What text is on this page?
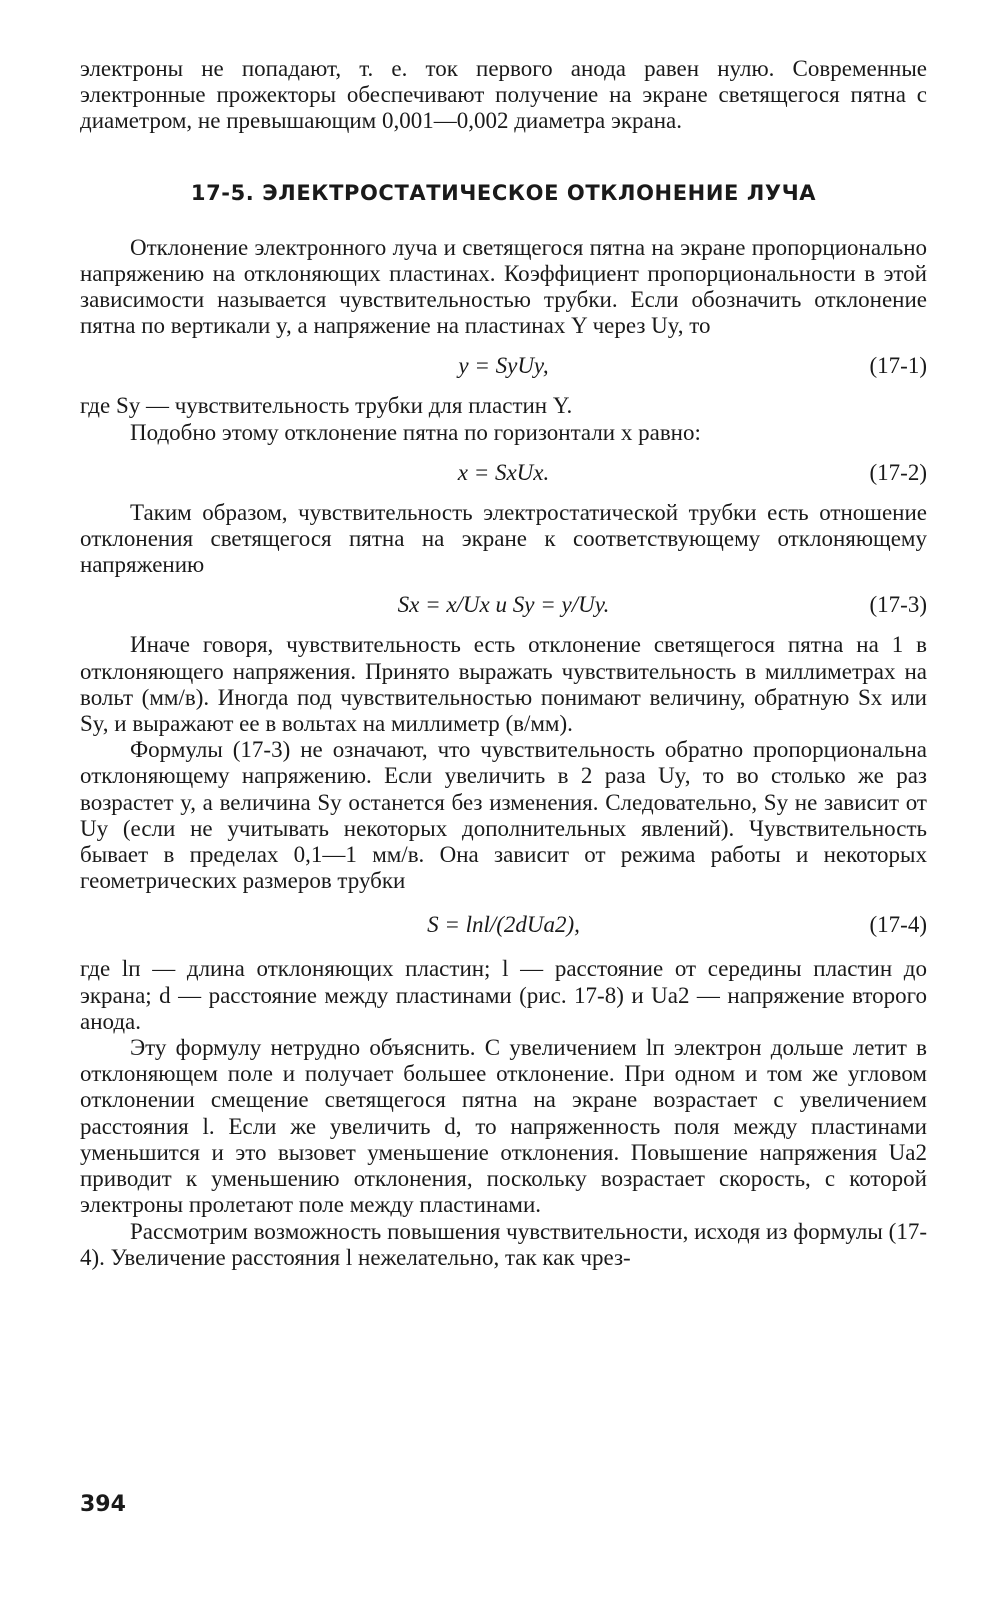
электроны не попадают, т. е. ток первого анода равен нулю. Современные электронные прожекторы обеспечивают получение на экране светящегося пятна с диаметром, не превышающим 0,001—0,002 диаметра экрана.

17-5. ЭЛЕКТРОСТАТИЧЕСКОЕ ОТКЛОНЕНИЕ ЛУЧА

Отклонение электронного луча и светящегося пятна на экране пропорционально напряжению на отклоняющих пластинах. Коэффициент пропорциональности в этой зависимости называется чувствительностью трубки. Если обозначить отклонение пятна по вертикали y, а напряжение на пластинах Y через Uy, то

y = SyUy,	(17-1)

где Sy — чувствительность трубки для пластин Y.

Подобно этому отклонение пятна по горизонтали x равно:

x = SxUx.	(17-2)

Таким образом, чувствительность электростатической трубки есть отношение отклонения светящегося пятна на экране к соответствующему отклоняющему напряжению

Sx = x/Ux и Sy = y/Uy.	(17-3)

Иначе говоря, чувствительность есть отклонение светящегося пятна на 1 в отклоняющего напряжения. Принято выражать чувствительность в миллиметрах на вольт (мм/в). Иногда под чувствительностью понимают величину, обратную Sx или Sy, и выражают ее в вольтах на миллиметр (в/мм).

Формулы (17-3) не означают, что чувствительность обратно пропорциональна отклоняющему напряжению. Если увеличить в 2 раза Uy, то во столько же раз возрастет y, а величина Sy останется без изменения. Следовательно, Sy не зависит от Uy (если не учитывать некоторых дополнительных явлений). Чувствительность бывает в пределах 0,1—1 мм/в. Она зависит от режима работы и некоторых геометрических размеров трубки

S = lпl/(2dUа2),	(17-4)

где lп — длина отклоняющих пластин; l — расстояние от середины пластин до экрана; d — расстояние между пластинами (рис. 17-8) и Uа2 — напряжение второго анода.

Эту формулу нетрудно объяснить. С увеличением lп электрон дольше летит в отклоняющем поле и получает большее отклонение. При одном и том же угловом отклонении смещение светящегося пятна на экране возрастает с увеличением расстояния l. Если же увеличить d, то напряженность поля между пластинами уменьшится и это вызовет уменьшение отклонения. Повышение напряжения Uа2 приводит к уменьшению отклонения, поскольку возрастает скорость, с которой электроны пролетают поле между пластинами.

Рассмотрим возможность повышения чувствительности, исходя из формулы (17-4). Увеличение расстояния l нежелательно, так как чрез-

394
